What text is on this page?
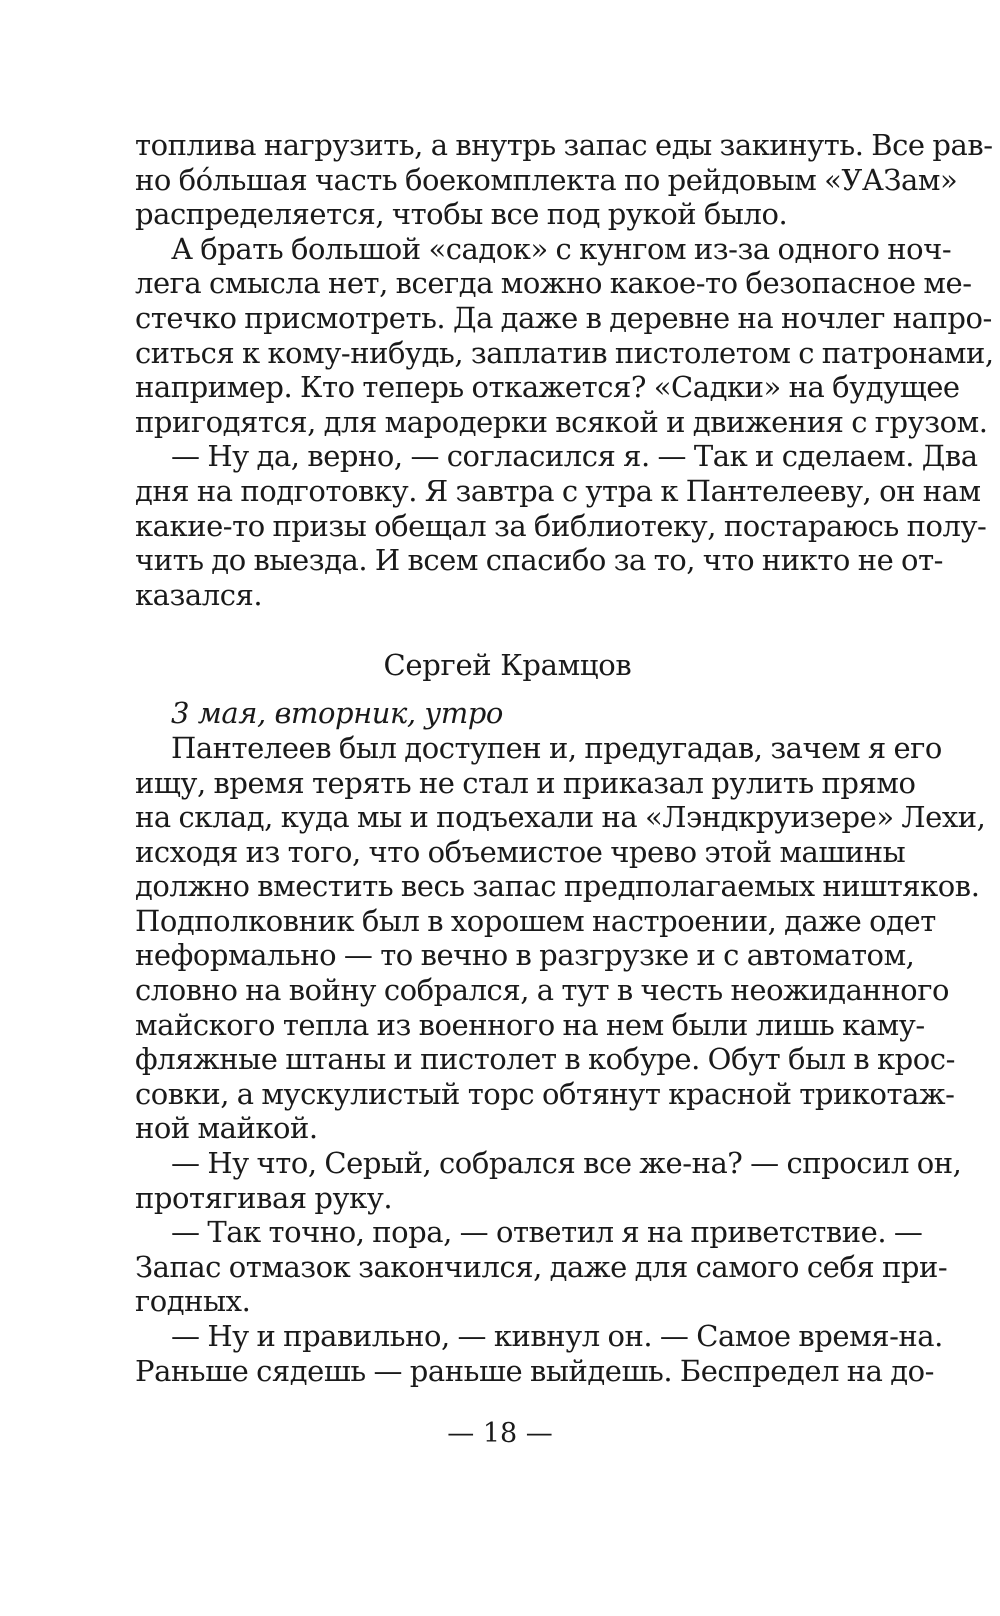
топлива нагрузить, а внутрь запас еды закинуть. Все рав-
но бо́льшая часть боекомплекта по рейдовым «УАЗам»
распределяется, чтобы все под рукой было.
А брать большой «садок» с кунгом из-за одного ноч-
лега смысла нет, всегда можно какое-то безопасное ме-
стечко присмотреть. Да даже в деревне на ночлег напро-
ситься к кому-нибудь, заплатив пистолетом с патронами,
например. Кто теперь откажется? «Садки» на будущее
пригодятся, для мародерки всякой и движения с грузом.
— Ну да, верно, — согласился я. — Так и сделаем. Два
дня на подготовку. Я завтра с утра к Пантелееву, он нам
какие-то призы обещал за библиотеку, постараюсь полу-
чить до выезда. И всем спасибо за то, что никто не от-
казался.
Сергей Крамцов
3 мая, вторник, утро
Пантелеев был доступен и, предугадав, зачем я его
ищу, время терять не стал и приказал рулить прямо
на склад, куда мы и подъехали на «Лэндкруизере» Лехи,
исходя из того, что объемистое чрево этой машины
должно вместить весь запас предполагаемых ништяков.
Подполковник был в хорошем настроении, даже одет
неформально — то вечно в разгрузке и с автоматом,
словно на войну собрался, а тут в честь неожиданного
майского тепла из военного на нем были лишь каму-
фляжные штаны и пистолет в кобуре. Обут был в крос-
совки, а мускулистый торс обтянут красной трикотаж-
ной майкой.
— Ну что, Серый, собрался все же-на? — спросил он,
протягивая руку.
— Так точно, пора, — ответил я на приветствие. —
Запас отмазок закончился, даже для самого себя при-
годных.
— Ну и правильно, — кивнул он. — Самое время-на.
Раньше сядешь — раньше выйдешь. Беспредел на до-
— 18 —
